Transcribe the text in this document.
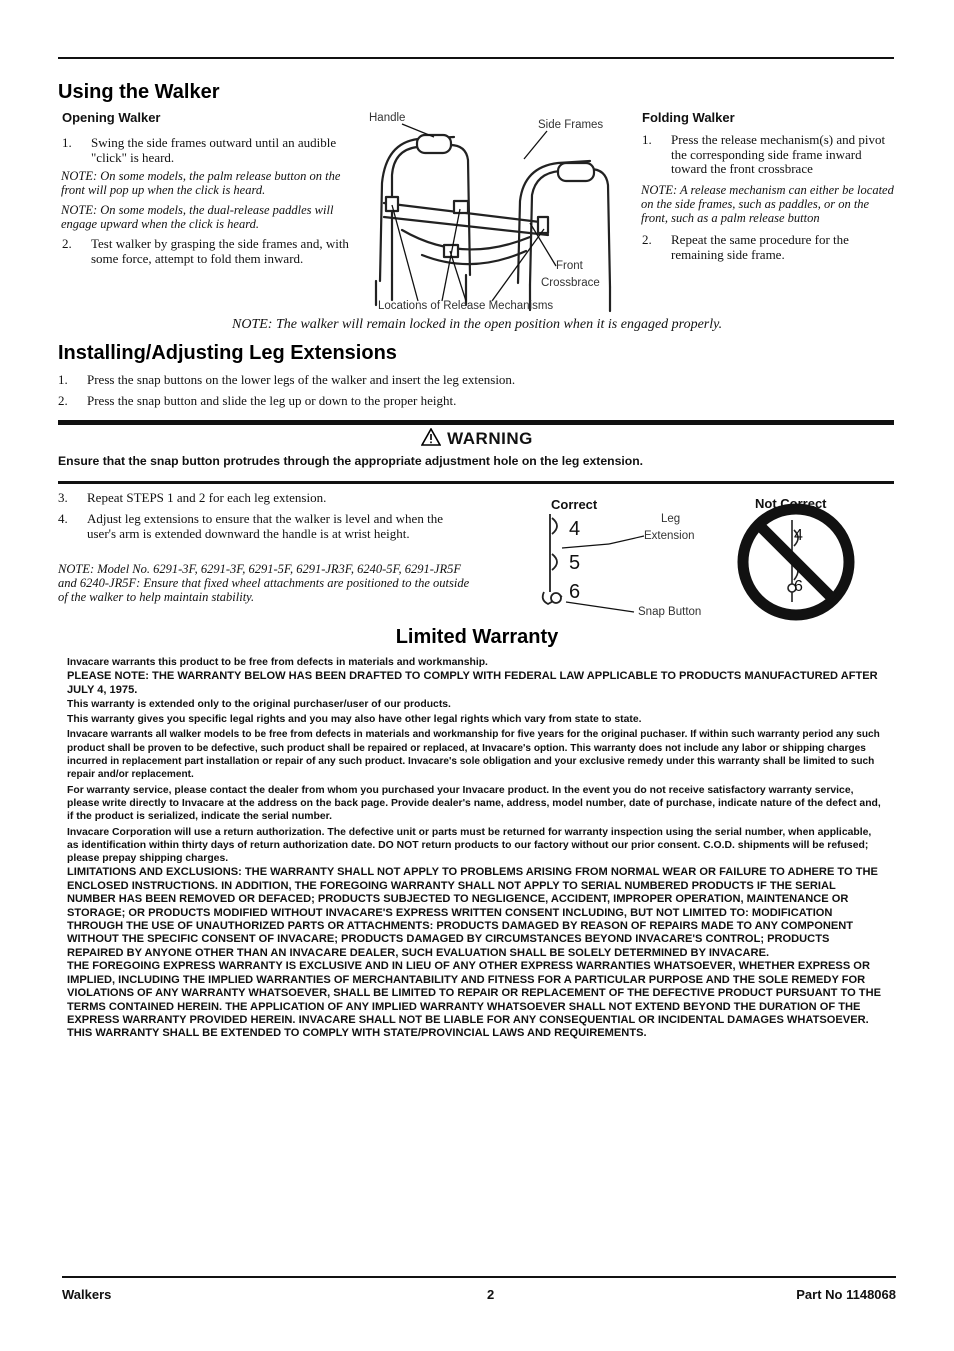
Using the Walker
Opening Walker
1. Swing the side frames outward until an audible "click" is heard.
NOTE: On some models, the palm release button on the front will pop up when the click is heard.
NOTE: On some models, the dual-release paddles will engage upward when the click is heard.
2. Test walker by grasping the side frames and, with some force, attempt to fold them inward.
Handle
Side Frames
Front
Crossbrace
Locations of Release Mechanisms
Folding Walker
1. Press the release mechanism(s) and pivot the corresponding side frame inward toward the front crossbrace
NOTE: A release mechanism can either be located on the side frames, such as paddles, or on the front, such as a palm release button
2. Repeat the same procedure for the remaining side frame.
NOTE: The walker will remain locked in the open position when it is engaged properly.
Installing/Adjusting Leg Extensions
1. Press the snap buttons on the lower legs of the walker and insert the leg extension.
2. Press the snap button and slide the leg up or down to the proper height.
WARNING
Ensure that the snap button protrudes through the appropriate adjustment hole on the leg extension.
3. Repeat STEPS 1 and 2 for each leg extension.
4. Adjust leg extensions to ensure that the walker is level and when the user's arm is extended downward the handle is at wrist height.
NOTE: Model No. 6291-3F, 6291-3F, 6291-5F, 6291-JR3F, 6240-5F, 6291-JR5F and 6240-JR5F: Ensure that fixed wheel attachments are positioned to the outside of the walker to help maintain stability.
Correct	Not Correct
Leg
Extension
Snap Button
4
5
6
4
6
Limited Warranty

Invacare warrants this product to be free from defects in materials and workmanship.

PLEASE NOTE: THE WARRANTY BELOW HAS BEEN DRAFTED TO COMPLY WITH FEDERAL LAW APPLICABLE TO PRODUCTS MANUFACTURED AFTER JULY 4, 1975.

This warranty is extended only to the original purchaser/user of our products.

This warranty gives you specific legal rights and you may also have other legal rights which vary from state to state.

Invacare warrants all walker models to be free from defects in materials and workmanship for five years for the original puchaser. If within such warranty period any such product shall be proven to be defective, such product shall be repaired or replaced, at Invacare's option. This warranty does not include any labor or shipping charges incurred in replacement part installation or repair of any such product. Invacare's sole obligation and your exclusive remedy under this warranty shall be limited to such repair and/or replacement.

For warranty service, please contact the dealer from whom you purchased your Invacare product. In the event you do not receive satisfactory warranty service, please write directly to Invacare at the address on the back page. Provide dealer's name, address, model number, date of purchase, indicate nature of the defect and, if the product is serialized, indicate the serial number.

Invacare Corporation will use a return authorization. The defective unit or parts must be returned for warranty inspection using the serial number, when applicable, as identification within thirty days of return authorization date. DO NOT return products to our factory without our prior consent. C.O.D. shipments will be refused; please prepay shipping charges.

LIMITATIONS AND EXCLUSIONS: THE WARRANTY SHALL NOT APPLY TO PROBLEMS ARISING FROM NORMAL WEAR OR FAILURE TO ADHERE TO THE ENCLOSED INSTRUCTIONS. IN ADDITION, THE FOREGOING WARRANTY SHALL NOT APPLY TO SERIAL NUMBERED PRODUCTS IF THE SERIAL NUMBER HAS BEEN REMOVED OR DEFACED; PRODUCTS SUBJECTED TO NEGLIGENCE, ACCIDENT, IMPROPER OPERATION, MAINTENANCE OR STORAGE; OR PRODUCTS MODIFIED WITHOUT INVACARE'S EXPRESS WRITTEN CONSENT INCLUDING, BUT NOT LIMITED TO: MODIFICATION THROUGH THE USE OF UNAUTHORIZED PARTS OR ATTACHMENTS: PRODUCTS DAMAGED BY REASON OF REPAIRS MADE TO ANY COMPONENT WITHOUT THE SPECIFIC CONSENT OF INVACARE; PRODUCTS DAMAGED BY CIRCUMSTANCES BEYOND INVACARE'S CONTROL; PRODUCTS REPAIRED BY ANYONE OTHER THAN AN INVACARE DEALER, SUCH EVALUATION SHALL BE SOLELY DETERMINED BY INVACARE.

THE FOREGOING EXPRESS WARRANTY IS EXCLUSIVE AND IN LIEU OF ANY OTHER EXPRESS WARRANTIES WHATSOEVER, WHETHER EXPRESS OR IMPLIED, INCLUDING THE IMPLIED WARRANTIES OF MERCHANTABILITY AND FITNESS FOR A PARTICULAR PURPOSE AND THE SOLE REMEDY FOR VIOLATIONS OF ANY WARRANTY WHATSOEVER, SHALL BE LIMITED TO REPAIR OR REPLACEMENT OF THE DEFECTIVE PRODUCT PURSUANT TO THE TERMS CONTAINED HEREIN. THE APPLICATION OF ANY IMPLIED WARRANTY WHATSOEVER SHALL NOT EXTEND BEYOND THE DURATION OF THE EXPRESS WARRANTY PROVIDED HEREIN. INVACARE SHALL NOT BE LIABLE FOR ANY CONSEQUENTIAL OR INCIDENTAL DAMAGES WHATSOEVER.

THIS WARRANTY SHALL BE EXTENDED TO COMPLY WITH STATE/PROVINCIAL LAWS AND REQUIREMENTS.

Walkers	2	Part No 1148068
